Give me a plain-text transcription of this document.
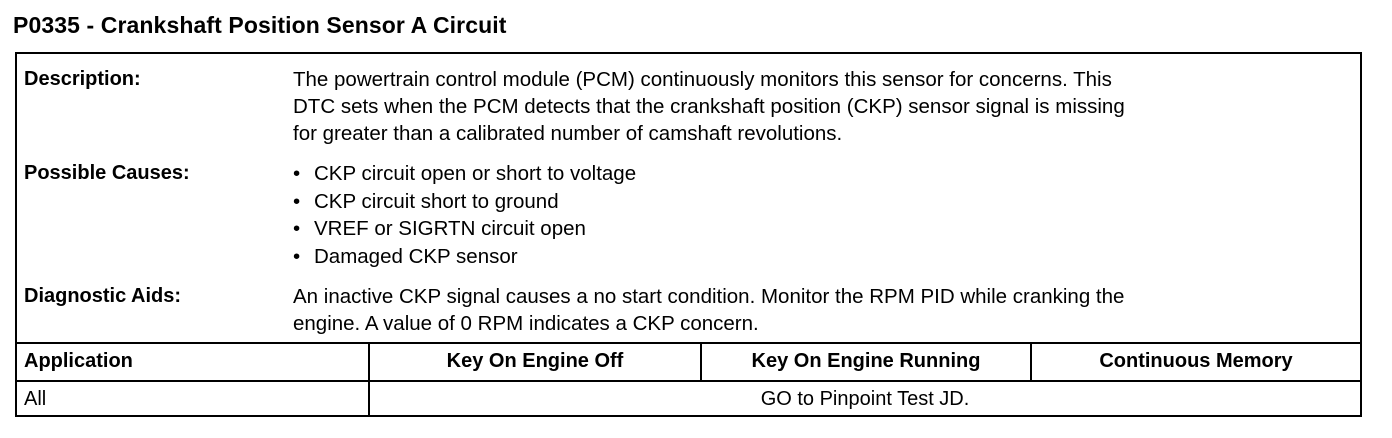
P0335 - Crankshaft Position Sensor A Circuit
Description:	The powertrain control module (PCM) continuously monitors this sensor for concerns. This

DTC sets when the PCM detects that the crankshaft position (CKP) sensor signal is missing

for greater than a calibrated number of camshaft revolutions.

Possible Causes:	• CKP circuit open or short to voltage
• CKP circuit short to ground
• VREF or SIGRTN circuit open
• Damaged CKP sensor
Diagnostic Aids:	An inactive CKP signal causes a no start condition. Monitor the RPM PID while cranking the

engine. A value of 0 RPM indicates a CKP concern.

Application	Key On Engine Off	Key On Engine Running	Continuous Memory
All	GO to Pinpoint Test JD.
